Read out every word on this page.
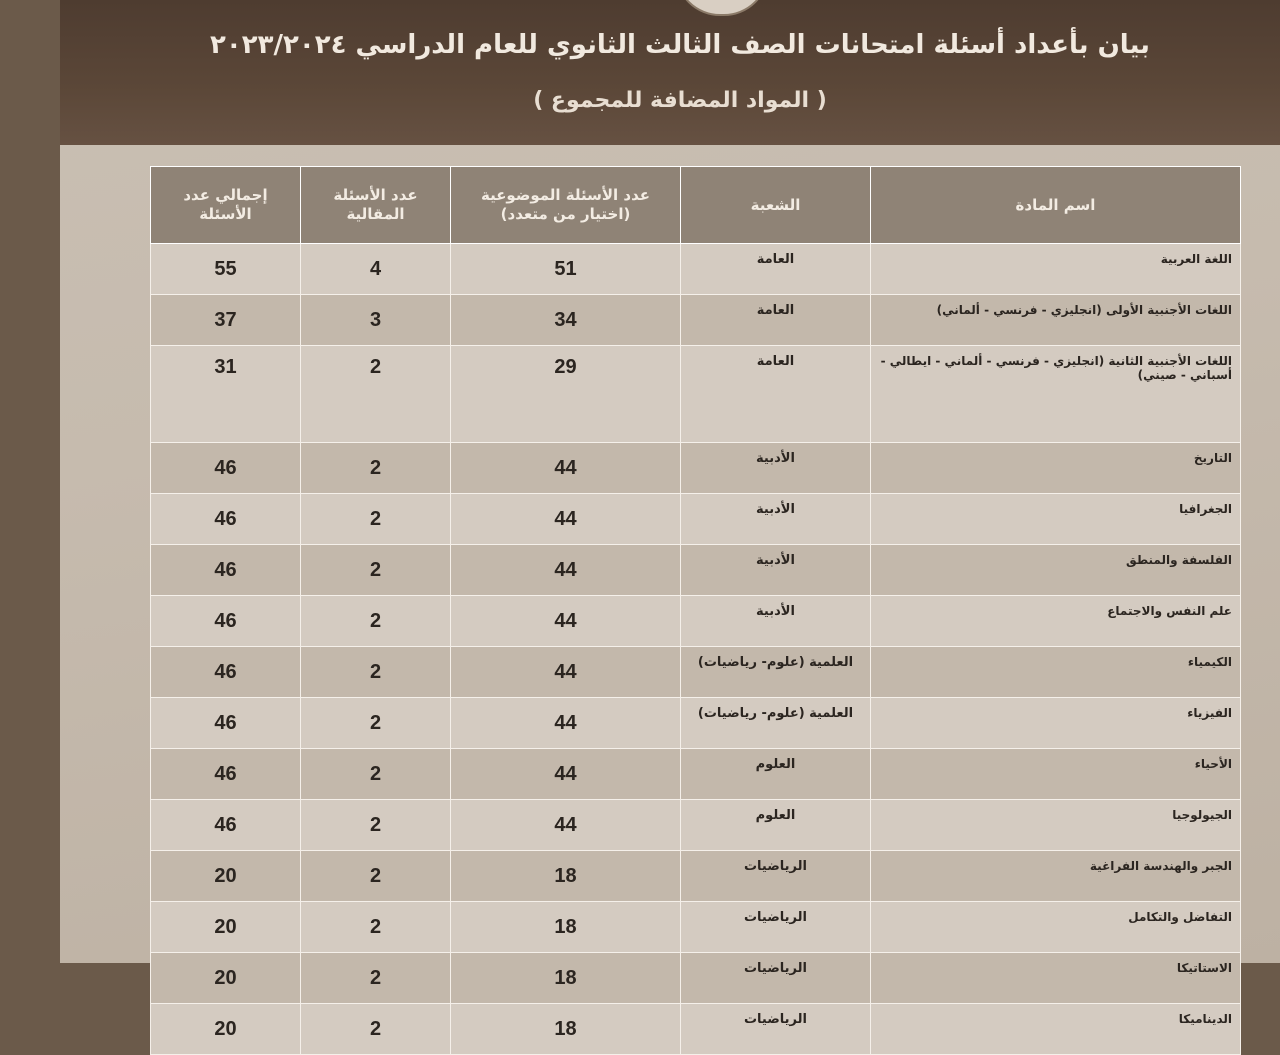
بيان بأعداد أسئلة امتحانات الصف الثالث الثانوي للعام الدراسي ٢٠٢٣/٢٠٢٤
( المواد المضافة للمجموع )
اسم المادة	الشعبة	عدد الأسئلة الموضوعية (اختيار من متعدد)	عدد الأسئلة المقالية	إجمالي عدد الأسئلة
اللغة العربية	العامة	51	4	55
اللغات الأجنبية الأولى (انجليزي - فرنسي - ألماني)	العامة	34	3	37
اللغات الأجنبية الثانية (انجليزي - فرنسي - ألماني - ايطالي - أسباني - صيني)	العامة	29	2	31
التاريخ	الأدبية	44	2	46
الجغرافيا	الأدبية	44	2	46
الفلسفة والمنطق	الأدبية	44	2	46
علم النفس والاجتماع	الأدبية	44	2	46
الكيمياء	العلمية (علوم- رياضيات)	44	2	46
الفيزياء	العلمية (علوم- رياضيات)	44	2	46
الأحياء	العلوم	44	2	46
الجيولوجيا	العلوم	44	2	46
الجبر والهندسة الفراغية	الرياضيات	18	2	20
التفاضل والتكامل	الرياضيات	18	2	20
الاستاتيكا	الرياضيات	18	2	20
الديناميكا	الرياضيات	18	2	20
